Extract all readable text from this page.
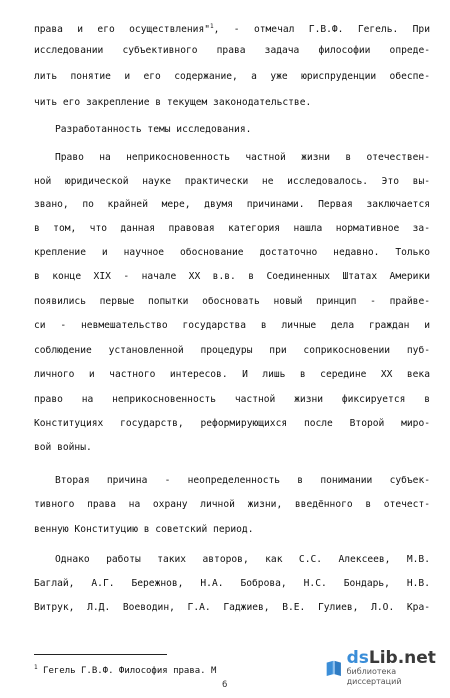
права и его осуществления"$^1$, - отмечал Г.В.Ф. Гегель. При
исследовании субъективного права задача философии опреде-
лить понятие и его содержание, а уже юриспруденции обеспе-
чить его закрепление в текущем законодательстве.
Разработанность темы исследования.
Право на неприкосновенность частной жизни в отечествен-
ной юридической науке практически не исследовалось. Это вы-
звано, по крайней мере, двумя причинами. Первая заключается
в том, что данная правовая категория нашла нормативное за-
крепление и научное обоснование достаточно недавно. Только
в конце XIX - начале XX в.в. в Соединенных Штатах Америки
появились первые попытки обосновать новый принцип - прайве-
си - невмешательство государства в личные дела граждан и
соблюдение установленной процедуры при соприкосновении пуб-
личного и частного интересов. И лишь в середине XX века
право на неприкосновенность частной жизни фиксируется в
Конституциях государств, реформирующихся после Второй миро-
вой войны.
Вторая причина - неопределенность в понимании субъек-
тивного права на охрану личной жизни, введённого в отечест-
венную Конституцию в советский период.
Однако работы таких авторов, как С.С. Алексеев, М.В.
Баглай, А.Г. Бережнов, Н.А. Боброва, Н.С. Бондарь, Н.В.
Витрук, Л.Д. Воеводин, Г.А. Гаджиев, В.Е. Гулиев, Л.О. Кра-
$^1$ Гегель Г.В.Ф. Философия права. М
6
dsLib.net
библиотека диссертаций
